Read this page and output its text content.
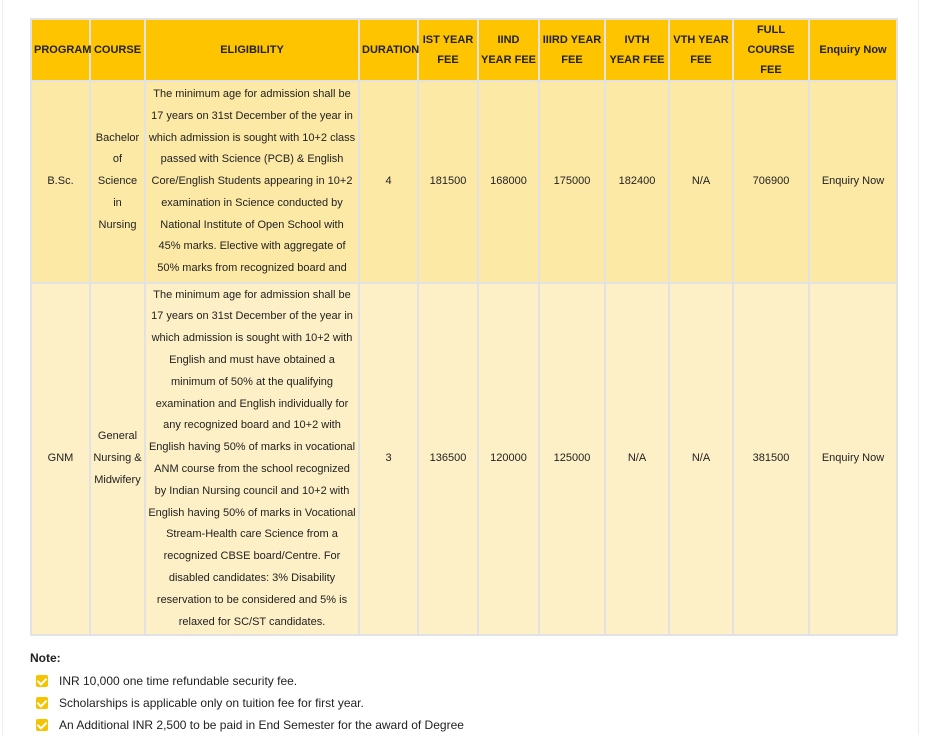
PROGRAM	COURSE	ELIGIBILITY	DURATION	IST YEAR FEE	IIND YEAR FEE	IIIRD YEAR FEE	IVTH YEAR FEE	VTH YEAR FEE	FULL COURSE FEE	Enquiry Now
B.Sc.	Bachelor of Science in Nursing	The minimum age for admission shall be 17 years on 31st December of the year in which admission is sought with 10+2 class passed with Science (PCB) & English Core/English Students appearing in 10+2 examination in Science conducted by National Institute of Open School with 45% marks. Elective with aggregate of 50% marks from recognized board and	4	181500	168000	175000	182400	N/A	706900	Enquiry Now
GNM	General Nursing & Midwifery	The minimum age for admission shall be 17 years on 31st December of the year in which admission is sought with 10+2 with English and must have obtained a minimum of 50% at the qualifying examination and English individually for any recognized board and 10+2 with English having 50% of marks in vocational ANM course from the school recognized by Indian Nursing council and 10+2 with English having 50% of marks in Vocational Stream-Health care Science from a recognized CBSE board/Centre. For disabled candidates: 3% Disability reservation to be considered and 5% is relaxed for SC/ST candidates.	3	136500	120000	125000	N/A	N/A	381500	Enquiry Now
Note:
INR 10,000 one time refundable security fee.
Scholarships is applicable only on tuition fee for first year.
An Additional INR 2,500 to be paid in End Semester for the award of Degree
